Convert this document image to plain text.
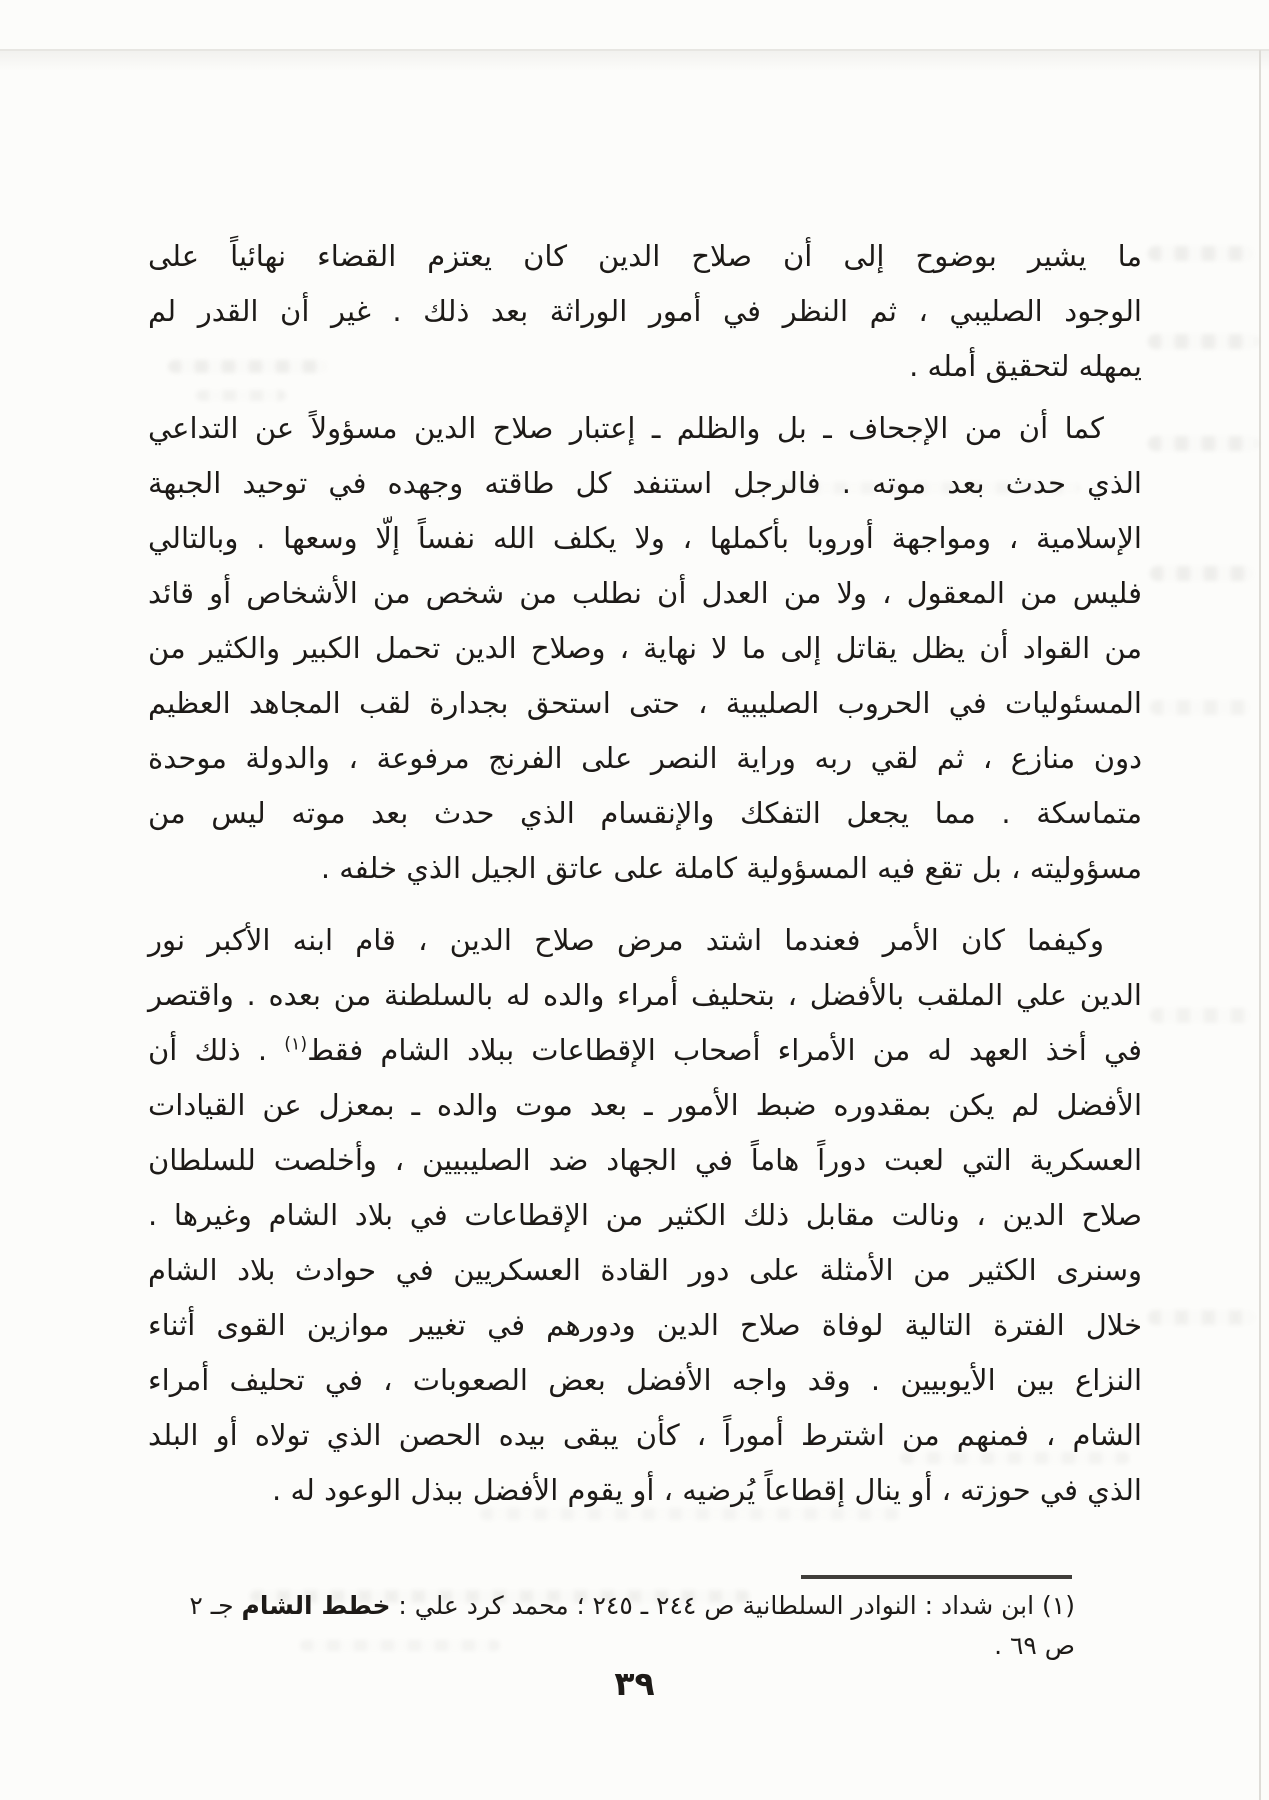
ما يشير بوضوح إلى أن صلاح الدين كان يعتزم القضاء نهائياً على
الوجود الصليبي ، ثم النظر في أمور الوراثة بعد ذلك . غير أن القدر لم
يمهله لتحقيق أمله .
كما أن من الإجحاف ـ بل والظلم ـ إعتبار صلاح الدين مسؤولاً عن التداعي
الذي حدث بعد موته . فالرجل استنفد كل طاقته وجهده في توحيد الجبهة
الإسلامية ، ومواجهة أوروبا بأكملها ، ولا يكلف الله نفساً إلّا وسعها . وبالتالي
فليس من المعقول ، ولا من العدل أن نطلب من شخص من الأشخاص أو قائد
من القواد أن يظل يقاتل إلى ما لا نهاية ، وصلاح الدين تحمل الكبير والكثير من
المسئوليات في الحروب الصليبية ، حتى استحق بجدارة لقب المجاهد العظيم
دون منازع ، ثم لقي ربه وراية النصر على الفرنج مرفوعة ، والدولة موحدة
متماسكة . مما يجعل التفكك والإنقسام الذي حدث بعد موته ليس من
مسؤوليته ، بل تقع فيه المسؤولية كاملة على عاتق الجيل الذي خلفه .
وكيفما كان الأمر فعندما اشتد مرض صلاح الدين ، قام ابنه الأكبر نور
الدين علي الملقب بالأفضل ، بتحليف أمراء والده له بالسلطنة من بعده . واقتصر
في أخذ العهد له من الأمراء أصحاب الإقطاعات ببلاد الشام فقط$^{(١)}$ . ذلك أن
الأفضل لم يكن بمقدوره ضبط الأمور ـ بعد موت والده ـ بمعزل عن القيادات
العسكرية التي لعبت دوراً هاماً في الجهاد ضد الصليبيين ، وأخلصت للسلطان
صلاح الدين ، ونالت مقابل ذلك الكثير من الإقطاعات في بلاد الشام وغيرها .
وسنرى الكثير من الأمثلة على دور القادة العسكريين في حوادث بلاد الشام
خلال الفترة التالية لوفاة صلاح الدين ودورهم في تغيير موازين القوى أثناء
النزاع بين الأيوبيين . وقد واجه الأفضل بعض الصعوبات ، في تحليف أمراء
الشام ، فمنهم من اشترط أموراً ، كأن يبقى بيده الحصن الذي تولاه أو البلد
الذي في حوزته ، أو ينال إقطاعاً يُرضيه ، أو يقوم الأفضل ببذل الوعود له .
(١) ابن شداد : النوادر السلطانية ص ٢٤٤ ـ ٢٤٥ ؛ محمد كرد علي : خطط الشام جـ ٢ ص ٦٩ .
٣٩
